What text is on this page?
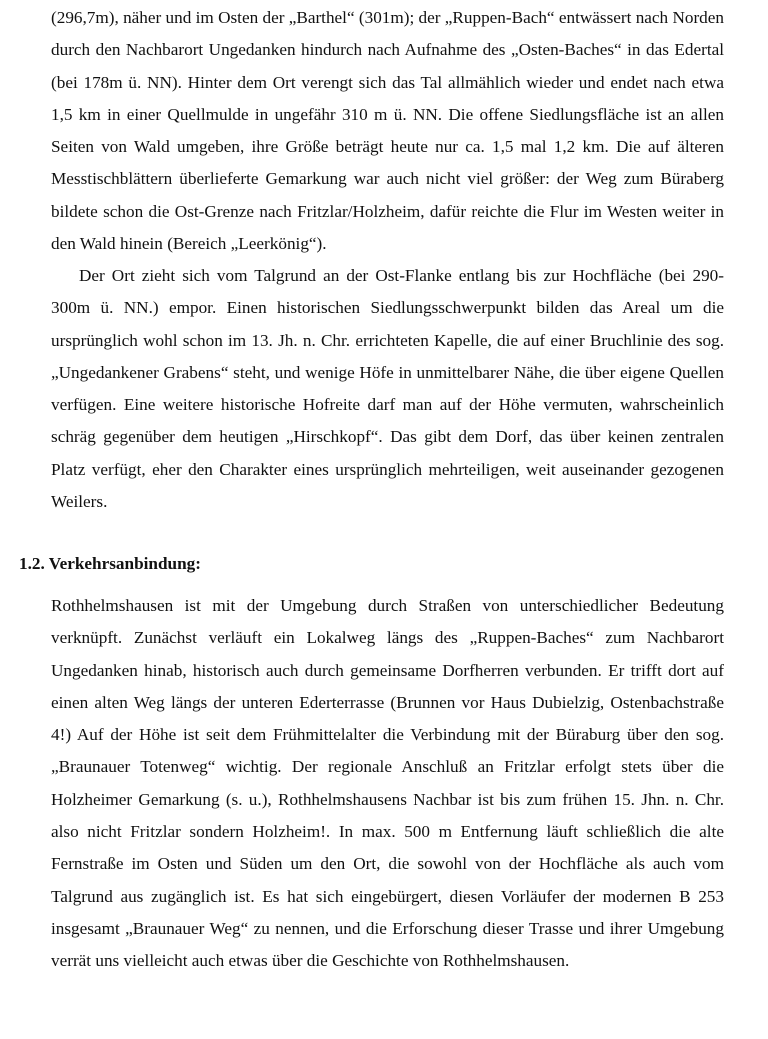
(296,7m), näher und im Osten der „Barthel“ (301m); der „Ruppen-Bach“ entwässert nach Norden durch den Nachbarort Ungedanken hindurch nach Aufnahme des „Osten-Baches“ in das Edertal (bei 178m ü. NN). Hinter dem Ort verengt sich das Tal allmählich wieder und endet nach etwa 1,5 km in einer Quellmulde in ungefähr 310 m ü. NN. Die offene Siedlungsfläche ist an allen Seiten von Wald umgeben, ihre Größe beträgt heute nur ca. 1,5 mal 1,2 km. Die auf älteren Messtischblättern überlieferte Gemarkung war auch nicht viel größer: der Weg zum Büraberg bildete schon die Ost-Grenze nach Fritzlar/Holzheim, dafür reichte die Flur im Westen weiter in den Wald hinein (Bereich „Leerkönig“).

Der Ort zieht sich vom Talgrund an der Ost-Flanke entlang bis zur Hochfläche (bei 290-300m ü. NN.) empor. Einen historischen Siedlungsschwerpunkt bilden das Areal um die ursprünglich wohl schon im 13. Jh. n. Chr. errichteten Kapelle, die auf einer Bruchlinie des sog. „Ungedankener Grabens“ steht, und wenige Höfe in unmittelbarer Nähe, die über eigene Quellen verfügen. Eine weitere historische Hofreite darf man auf der Höhe vermuten, wahrscheinlich schräg gegenüber dem heutigen „Hirschkopf“. Das gibt dem Dorf, das über keinen zentralen Platz verfügt, eher den Charakter eines ursprünglich mehrteiligen, weit auseinander gezogenen Weilers.

1.2. Verkehrsanbindung:

Rothhelmshausen ist mit der Umgebung durch Straßen von unterschiedlicher Bedeutung verknüpft. Zunächst verläuft ein Lokalweg längs des „Ruppen-Baches“ zum Nachbarort Ungedanken hinab, historisch auch durch gemeinsame Dorfherren verbunden. Er trifft dort auf einen alten Weg längs der unteren Ederterrasse (Brunnen vor Haus Dubielzig, Ostenbachstraße 4!) Auf der Höhe ist seit dem Frühmittelalter die Verbindung mit der Büraburg über den sog. „Braunauer Totenweg“ wichtig. Der regionale Anschluß an Fritzlar erfolgt stets über die Holzheimer Gemarkung (s. u.), Rothhelmshausens Nachbar ist bis zum frühen 15. Jhn. n. Chr. also nicht Fritzlar sondern Holzheim!. In max. 500 m Entfernung läuft schließlich die alte Fernstraße im Osten und Süden um den Ort, die sowohl von der Hochfläche als auch vom Talgrund aus zugänglich ist. Es hat sich eingebürgert, diesen Vorläufer der modernen B 253 insgesamt „Braunauer Weg“ zu nennen, und die Erforschung dieser Trasse und ihrer Umgebung verrät uns vielleicht auch etwas über die Geschichte von Rothhelmshausen.
